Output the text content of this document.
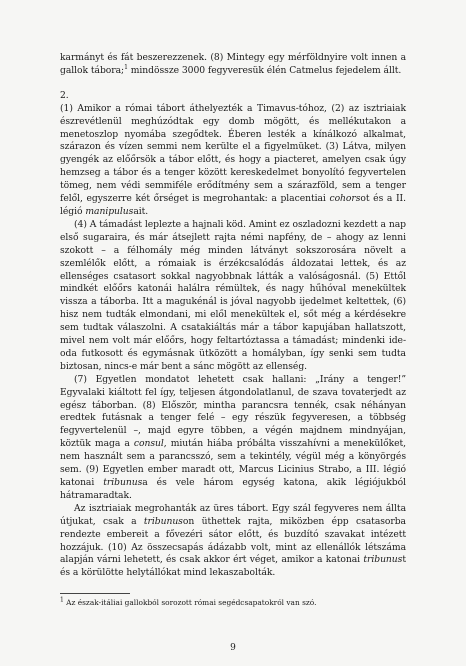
karmányt és fát beszerezzenek. (8) Mintegy egy mérföldnyire volt innen a gallok tábora;$^1$ mindössze 3000 fegyveresük élén Catmelus fejedelem állt.

2.

(1) Amikor a római tábort áthelyezték a Timavus-tóhoz, (2) az isztriaiak észrevétlenül meghúzódtak egy domb mögött, és mellékutakon a menetoszlop nyomába szegődtek. Éberen lesték a kínálkozó alkalmat, szárazon és vízen semmi nem kerülte el a figyelmüket. (3) Látva, milyen gyengék az előőrsök a tábor előtt, és hogy a piacteret, amelyen csak úgy hemzseg a tábor és a tenger között kereskedelmet bonyolító fegyvertelen tömeg, nem védi semmiféle erődítmény sem a szárazföld, sem a tenger felől, egyszerre két őrséget is megrohantak: a placentiai cohorsot és a II. légió manipulusait.

(4) A támadást leplezte a hajnali köd. Amint ez oszladozni kezdett a nap első sugaraira, és már átsejlett rajta némi napfény, de – ahogy az lenni szokott – a félhomály még minden látványt sokszorosára növelt a szemlélők előtt, a rómaiak is érzékcsalódás áldozatai lettek, és az ellenséges csatasort sokkal nagyobbnak látták a valóságosnál. (5) Ettől mindkét előőrs katonái halálra rémültek, és nagy hűhóval menekültek vissza a táborba. Itt a magukénál is jóval nagyobb ijedelmet keltettek, (6) hisz nem tudták elmondani, mi elől menekültek el, sőt még a kérdésekre sem tudtak válaszolni. A csatakiáltás már a tábor kapujában hallatszott, mivel nem volt már előőrs, hogy feltartóztassa a támadást; mindenki ide-oda futkosott és egymásnak ütközött a homályban, így senki sem tudta biztosan, nincs-e már bent a sánc mögött az ellenség.

(7) Egyetlen mondatot lehetett csak hallani: „Irány a tenger!” Egyvalaki kiáltott fel így, teljesen átgondolatlanul, de szava tovaterjedt az egész táborban. (8) Először, mintha parancsra tennék, csak néhányan eredtek futásnak a tenger felé – egy részük fegyveresen, a többség fegyvertelenül –, majd egyre többen, a végén majdnem mindnyájan, köztük maga a consul, miután hiába próbálta visszahívni a menekülőket, nem használt sem a parancsszó, sem a tekintély, végül még a könyörgés sem. (9) Egyetlen ember maradt ott, Marcus Licinius Strabo, a III. légió katonai tribunusa és vele három egység katona, akik légiójukból hátramaradtak.

Az isztriaiak megrohanták az üres tábort. Egy szál fegyveres nem állta útjukat, csak a tribunuson üthettek rajta, miközben épp csatasorba rendezte embereit a fővezéri sátor előtt, és buzdító szavakat intézett hozzájuk. (10) Az összecsapás ádázabb volt, mint az ellenállók létszáma alapján várni lehetett, és csak akkor ért véget, amikor a katonai tribunust és a körülötte helytállókat mind lekaszabolták.

$^1$ Az észak-itáliai gallokból sorozott római segédcsapatokról van szó.
9
